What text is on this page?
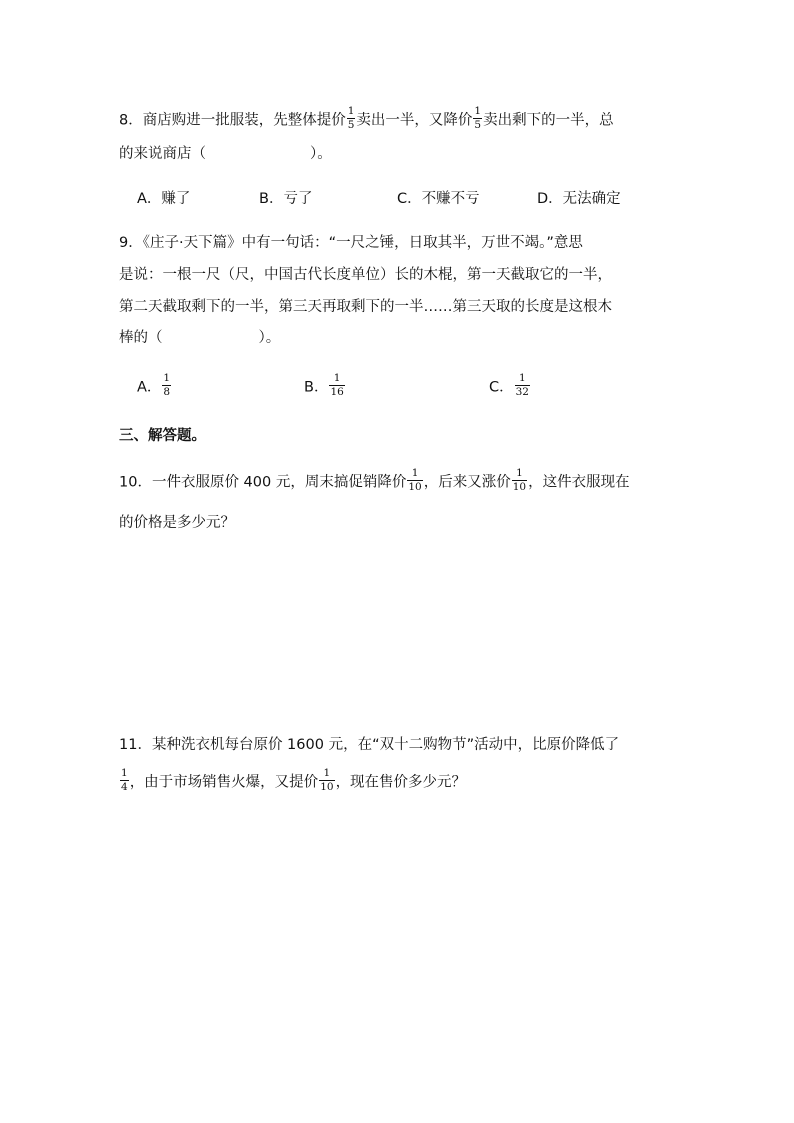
8．商店购进一批服装，先整体提价 $\frac{1}{5}$ 卖出一半，又降价 $\frac{1}{5}$ 卖出剩下的一半，总
的来说商店（	）。
A．赚了	B．亏了	C．不赚不亏	D．无法确定
9．《庄子·天下篇》中有一句话：“一尺之锤，日取其半，万世不竭。”意思
是说：一根一尺（尺，中国古代长度单位）长的木棍，第一天截取它的一半，
第二天截取剩下的一半，第三天再取剩下的一半……第三天取的长度是这根木
棒的（	）。
A． $\frac{1}{8}$	B． $\frac{1}{16}$	C． $\frac{1}{32}$
三、解答题。
10．一件衣服原价 400 元，周末搞促销降价 $\frac{1}{10}$ ，后来又涨价 $\frac{1}{10}$ ，这件衣服现在
的价格是多少元？
11．某种洗衣机每台原价 1600 元，在“双十二购物节”活动中，比原价降低了
$\frac{1}{4}$ ，由于市场销售火爆，又提价 $\frac{1}{10}$ ，现在售价多少元？
